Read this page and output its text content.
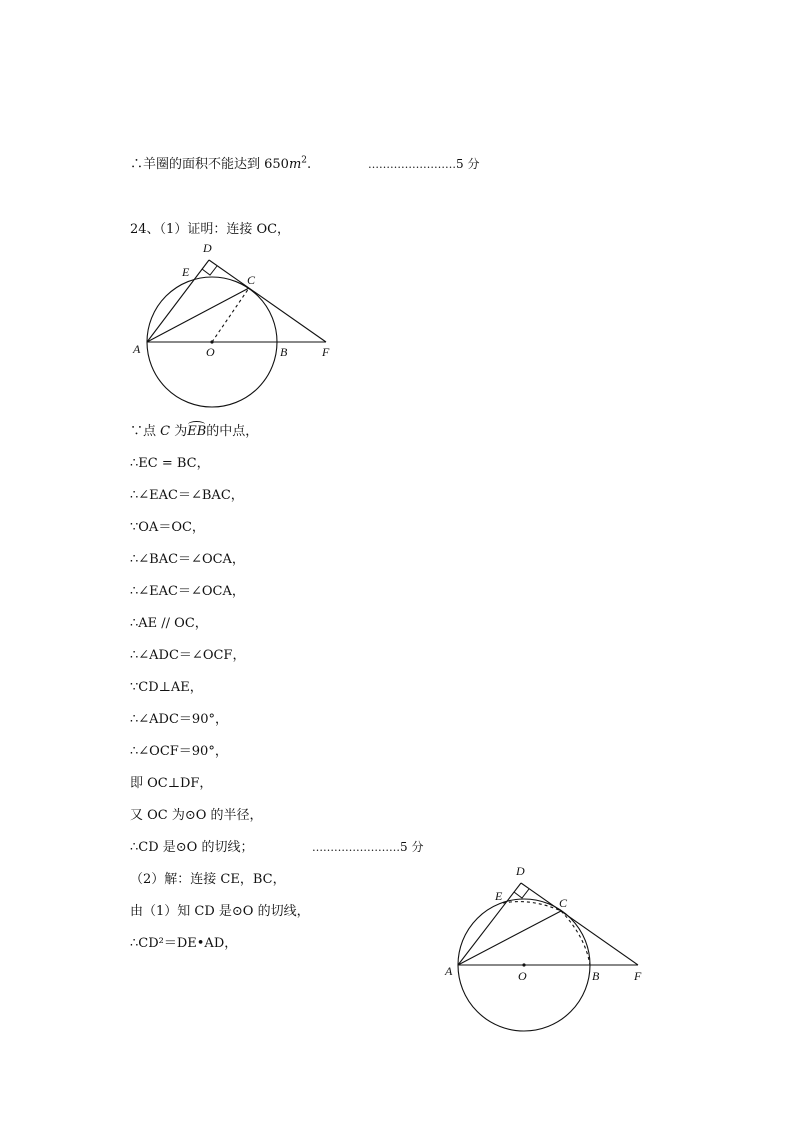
∴羊圈的面积不能达到 $650m^2$.	……………………5 分
24、（1）证明：连接 OC，
D
E
C
A	O	B	F
∵点 C 为EB的中点，
∴EC = BC，
∴∠EAC＝∠BAC，
∵OA＝OC，
∴∠BAC＝∠OCA，
∴∠EAC＝∠OCA，
∴AE // OC，
∴∠ADC＝∠OCF，
∵CD⊥AE，
∴∠ADC＝90°，
∴∠OCF＝90°，
即 OC⊥DF，
又 OC 为⊙O 的半径，
∴CD 是⊙O 的切线；	……………………5 分
（2）解：连接 CE，BC，
由（1）知 CD 是⊙O 的切线，
∴CD²＝DE•AD，
D
E	C
A	O	B	F
